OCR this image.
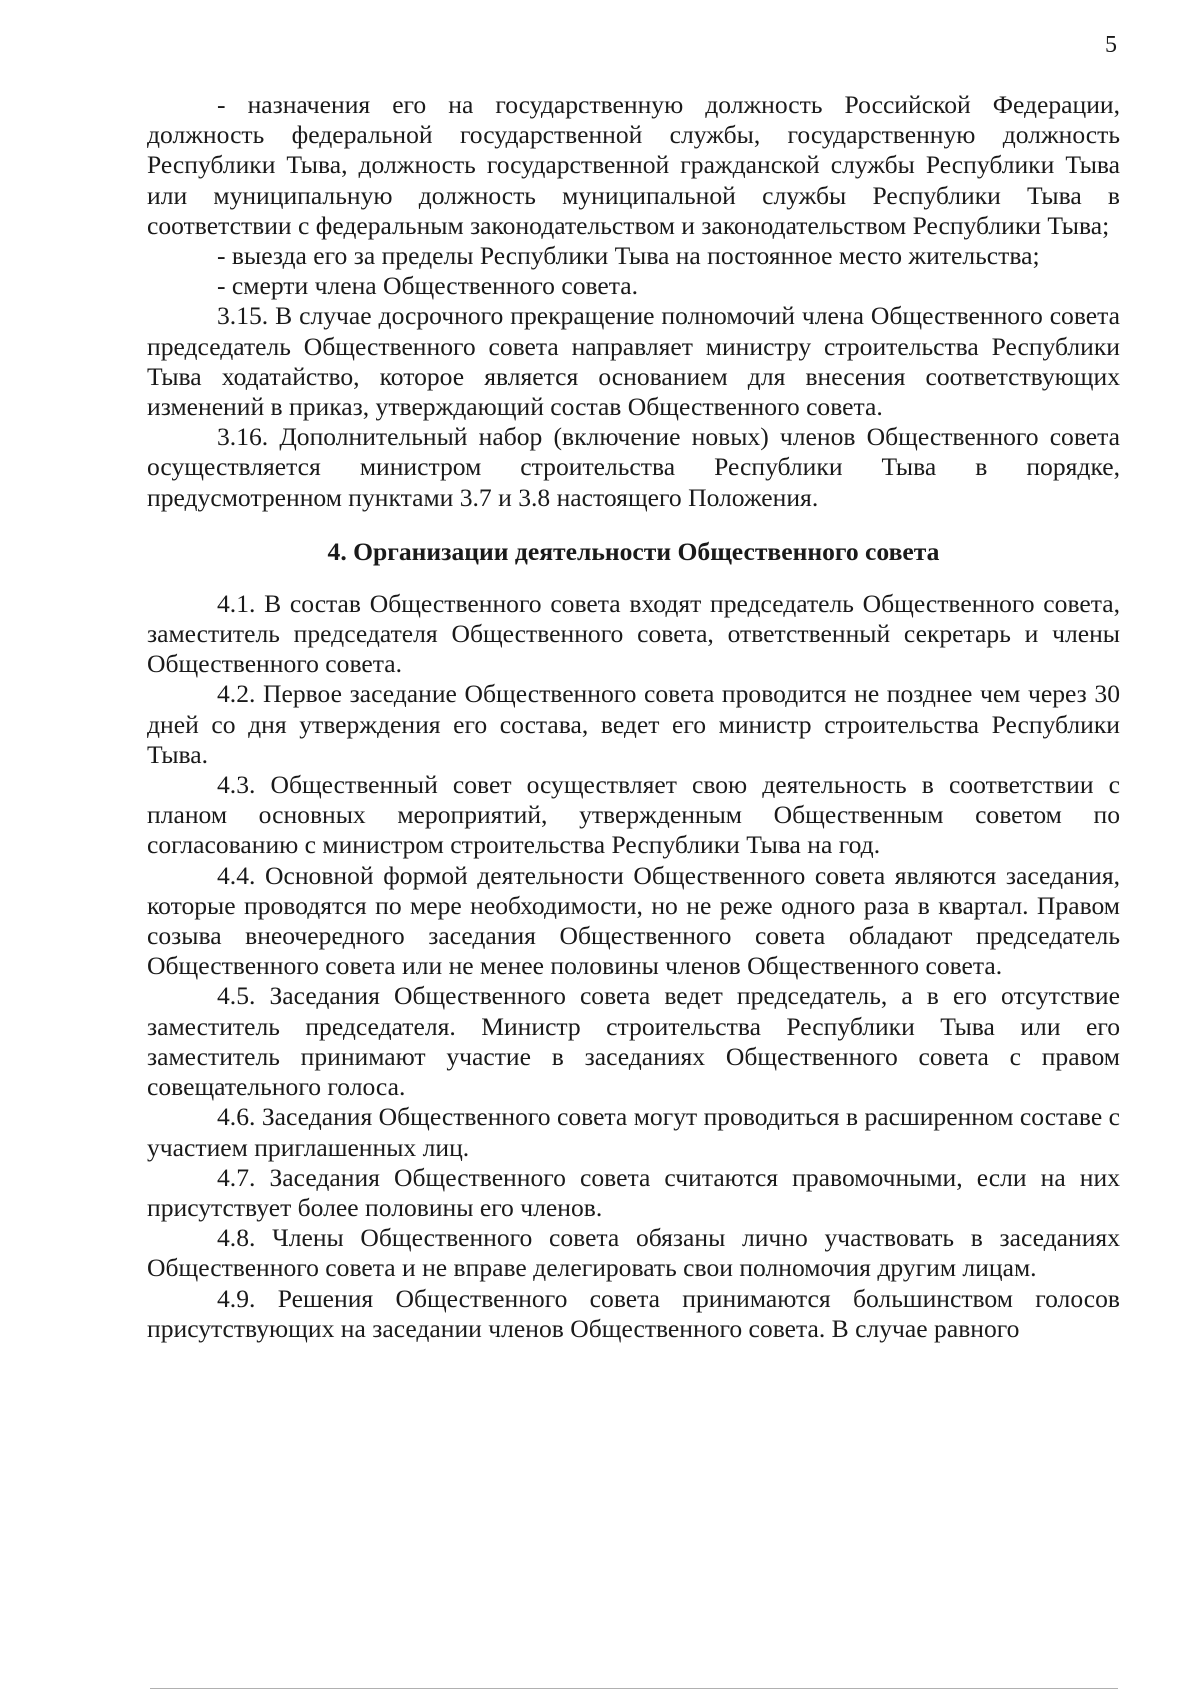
5

- назначения его на государственную должность Российской Федерации, должность федеральной государственной службы, государственную должность Республики Тыва, должность государственной гражданской службы Республики Тыва или муниципальную должность муниципальной службы Республики Тыва в соответствии с федеральным законодательством и законодательством Республики Тыва;

- выезда его за пределы Республики Тыва на постоянное место жительства;

- смерти члена Общественного совета.

3.15. В случае досрочного прекращение полномочий члена Общественного совета председатель Общественного совета направляет министру строительства Республики Тыва ходатайство, которое является основанием для внесения соответствующих изменений в приказ, утверждающий состав Общественного совета.

3.16. Дополнительный набор (включение новых) членов Общественного совета осуществляется министром строительства Республики Тыва в порядке, предусмотренном пунктами 3.7 и 3.8 настоящего Положения.

4. Организации деятельности Общественного совета

4.1. В состав Общественного совета входят председатель Общественного совета, заместитель председателя Общественного совета, ответственный секретарь и члены Общественного совета.

4.2. Первое заседание Общественного совета проводится не позднее чем через 30 дней со дня утверждения его состава, ведет его министр строительства Республики Тыва.

4.3. Общественный совет осуществляет свою деятельность в соответствии с планом основных мероприятий, утвержденным Общественным советом по согласованию с министром строительства Республики Тыва на год.

4.4. Основной формой деятельности Общественного совета являются заседания, которые проводятся по мере необходимости, но не реже одного раза в квартал. Правом созыва внеочередного заседания Общественного совета обладают председатель Общественного совета или не менее половины членов Общественного совета.

4.5. Заседания Общественного совета ведет председатель, а в его отсутствие заместитель председателя. Министр строительства Республики Тыва или его заместитель принимают участие в заседаниях Общественного совета с правом совещательного голоса.

4.6. Заседания Общественного совета могут проводиться в расширенном составе с участием приглашенных лиц.

4.7. Заседания Общественного совета считаются правомочными, если на них присутствует более половины его членов.

4.8. Члены Общественного совета обязаны лично участвовать в заседаниях Общественного совета и не вправе делегировать свои полномочия другим лицам.

4.9. Решения Общественного совета принимаются большинством голосов присутствующих на заседании членов Общественного совета. В случае равного
